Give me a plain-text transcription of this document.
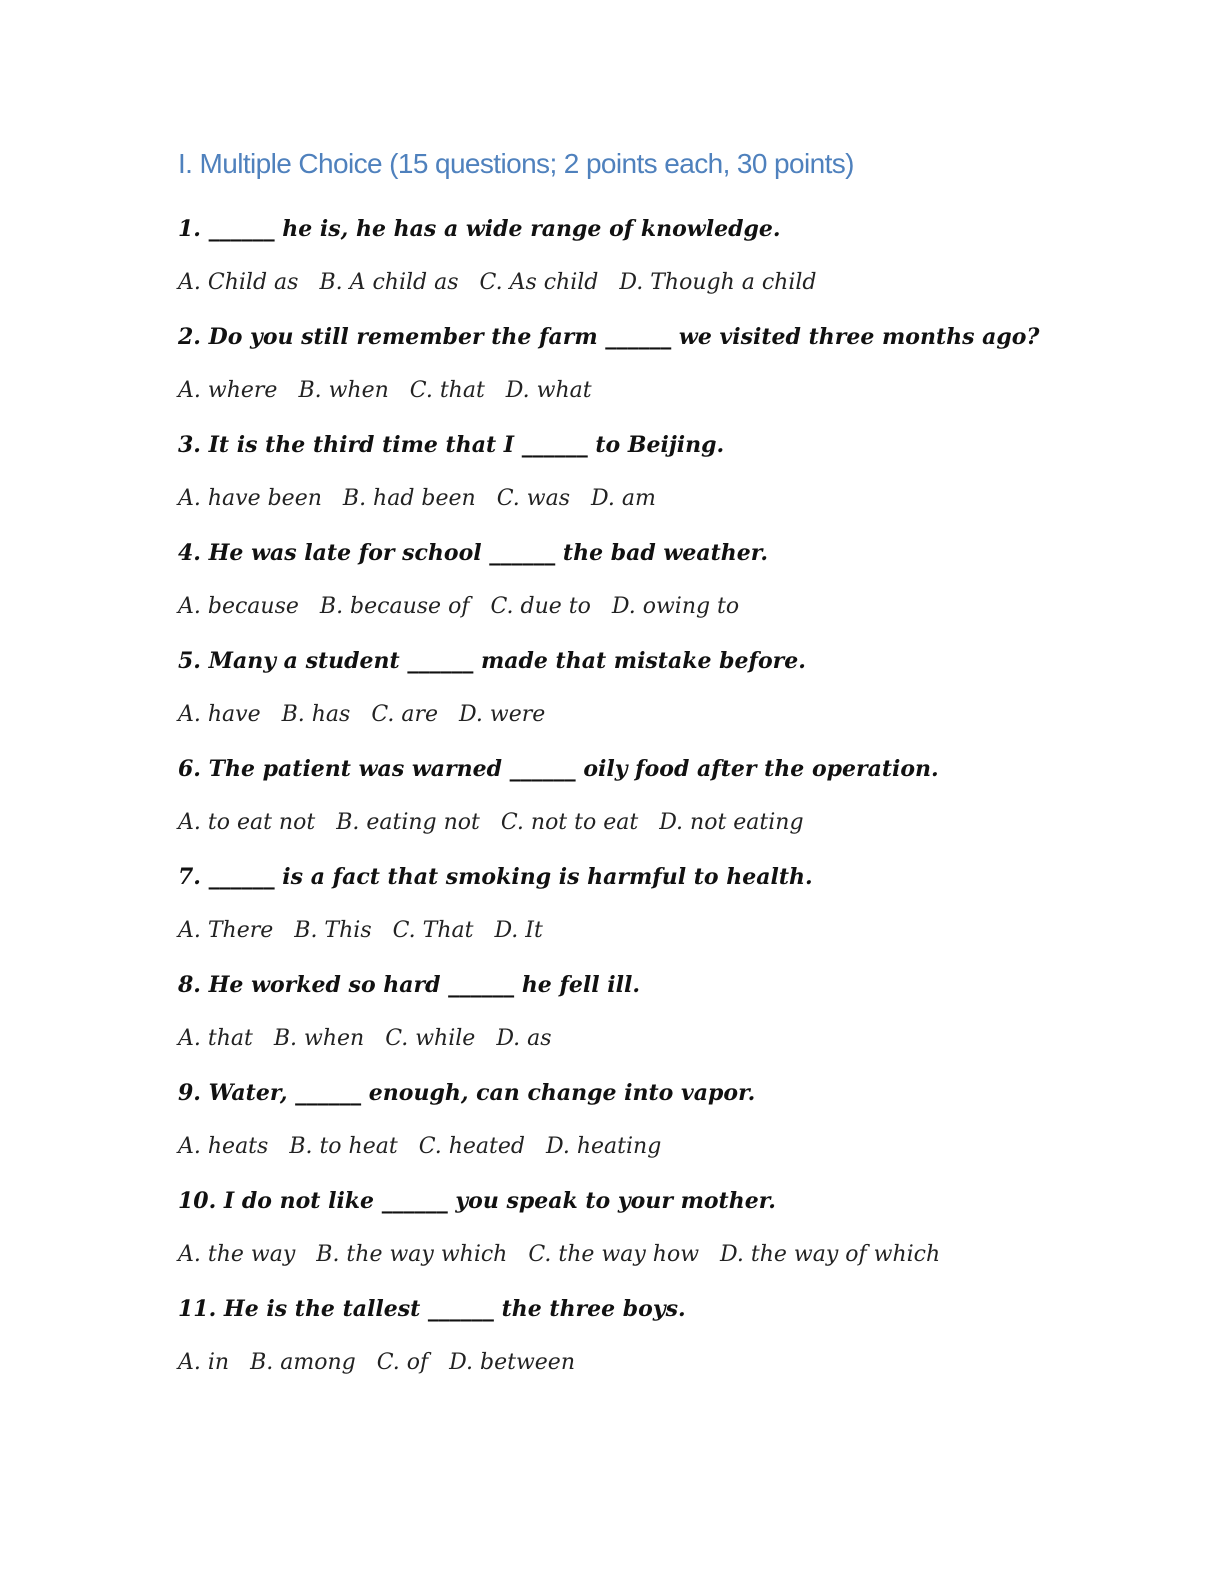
I. Multiple Choice (15 questions; 2 points each, 30 points)
1. ______ he is, he has a wide range of knowledge.
A. Child as B. A child as C. As child D. Though a child
2. Do you still remember the farm ______ we visited three months ago?
A. where B. when C. that D. what
3. It is the third time that I ______ to Beijing.
A. have been B. had been C. was D. am
4. He was late for school ______ the bad weather.
A. because B. because of C. due to D. owing to
5. Many a student ______ made that mistake before.
A. have B. has C. are D. were
6. The patient was warned ______ oily food after the operation.
A. to eat not B. eating not C. not to eat D. not eating
7. ______ is a fact that smoking is harmful to health.
A. There B. This C. That D. It
8. He worked so hard ______ he fell ill.
A. that B. when C. while D. as
9. Water, ______ enough, can change into vapor.
A. heats B. to heat C. heated D. heating
10. I do not like ______ you speak to your mother.
A. the way B. the way which C. the way how D. the way of which
11. He is the tallest ______ the three boys.
A. in B. among C. of D. between
